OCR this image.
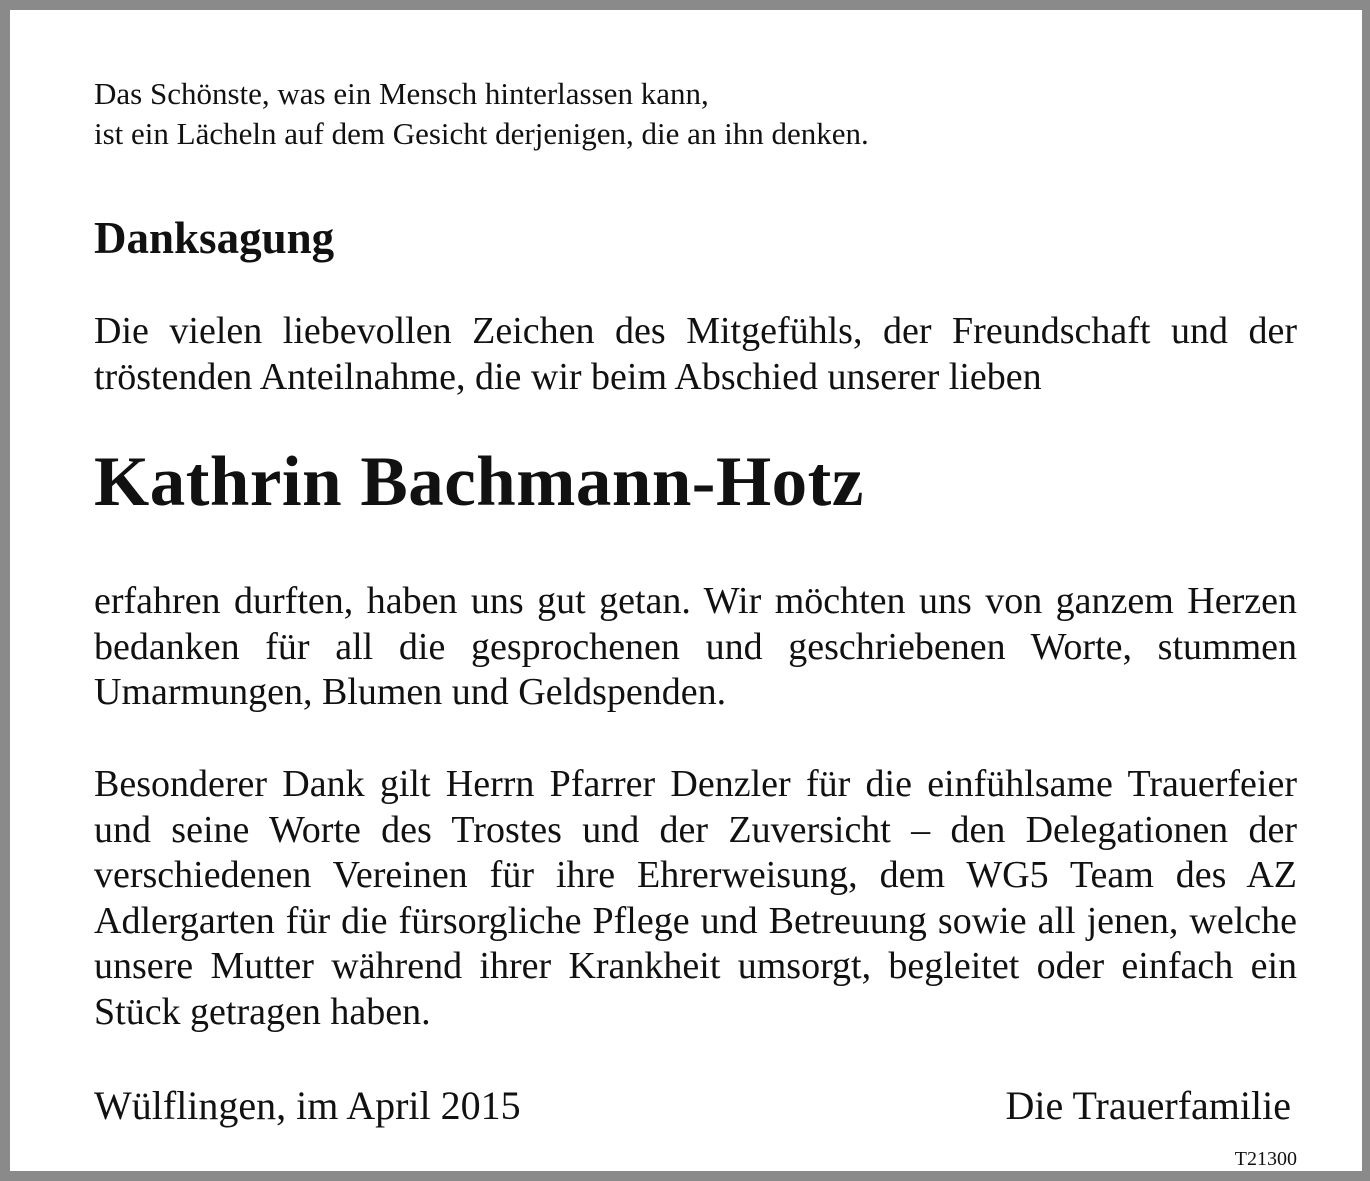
Das Schönste, was ein Mensch hinterlassen kann,
ist ein Lächeln auf dem Gesicht derjenigen, die an ihn denken.

Danksagung

Die vielen liebevollen Zeichen des Mitgefühls, der Freundschaft und der tröstenden Anteilnahme, die wir beim Abschied unserer lieben

Kathrin Bachmann-Hotz

erfahren durften, haben uns gut getan. Wir möchten uns von ganzem Herzen bedanken für all die gesprochenen und geschriebenen Worte, stummen Umarmungen, Blumen und Geldspenden.

Besonderer Dank gilt Herrn Pfarrer Denzler für die einfühlsame Trauerfeier und seine Worte des Trostes und der Zuversicht – den Delegationen der verschiedenen Vereinen für ihre Ehrerweisung, dem WG5 Team des AZ Adlergarten für die fürsorgliche Pflege und Betreuung sowie all jenen, welche unsere Mutter während ihrer Krankheit umsorgt, begleitet oder einfach ein Stück getragen haben.

Wülflingen, im April 2015	Die Trauerfamilie
T21300
